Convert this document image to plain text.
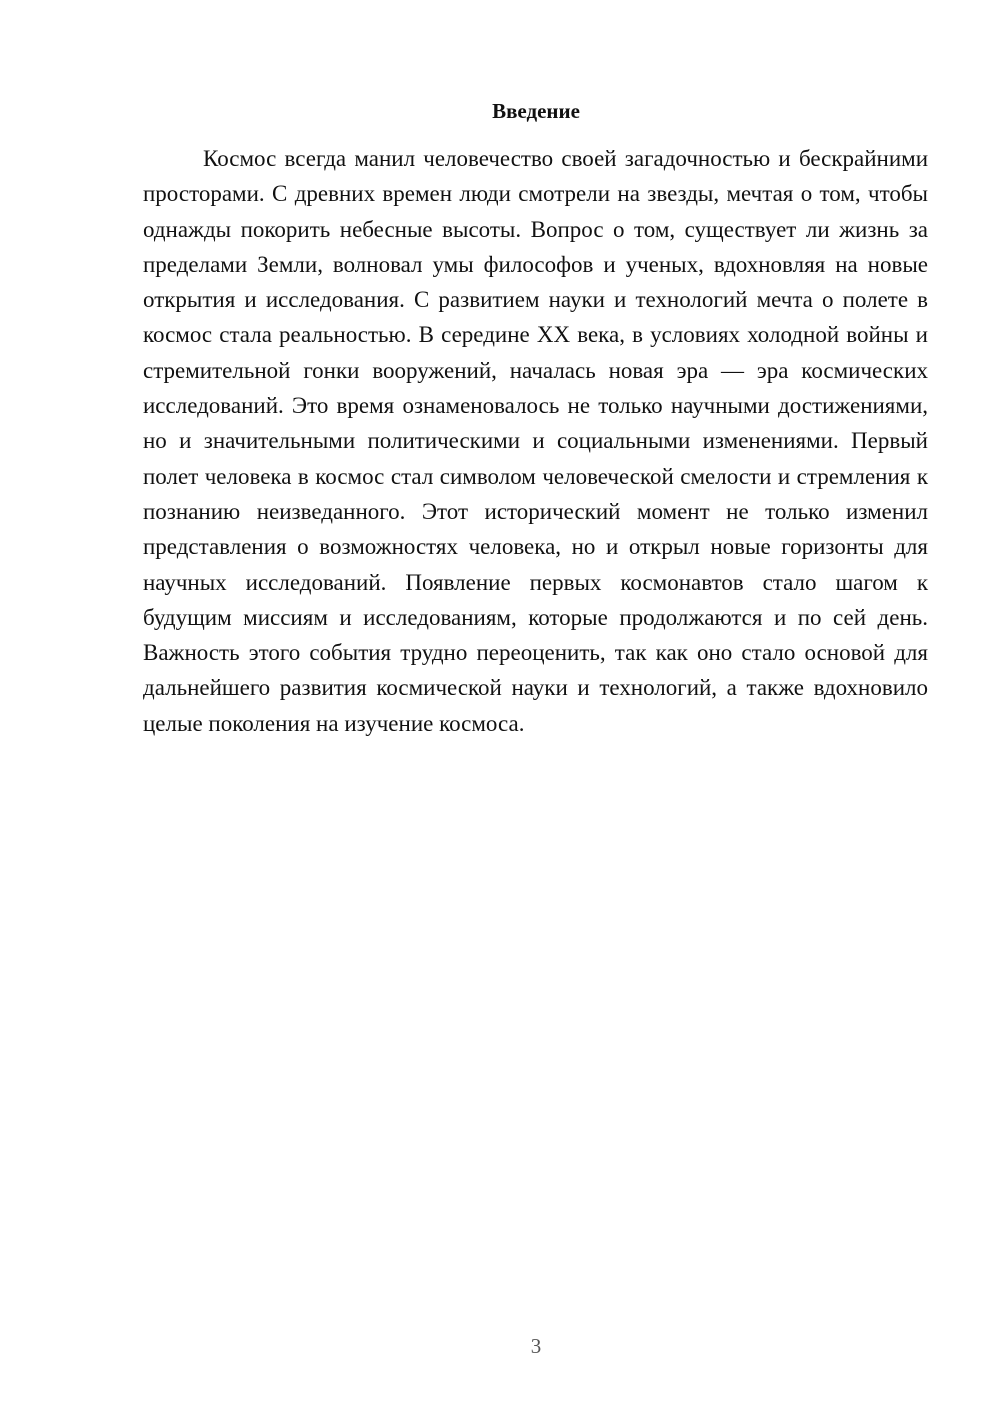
Введение

Космос всегда манил человечество своей загадочностью и бескрайними просторами. С древних времен люди смотрели на звезды, мечтая о том, чтобы однажды покорить небесные высоты. Вопрос о том, существует ли жизнь за пределами Земли, волновал умы философов и ученых, вдохновляя на новые открытия и исследования. С развитием науки и технологий мечта о полете в космос стала реальностью. В середине XX века, в условиях холодной войны и стремительной гонки вооружений, началась новая эра — эра космических исследований. Это время ознаменовалось не только научными достижениями, но и значительными политическими и социальными изменениями. Первый полет человека в космос стал символом человеческой смелости и стремления к познанию неизведанного. Этот исторический момент не только изменил представления о возможностях человека, но и открыл новые горизонты для научных исследований. Появление первых космонавтов стало шагом к будущим миссиям и исследованиям, которые продолжаются и по сей день. Важность этого события трудно переоценить, так как оно стало основой для дальнейшего развития космической науки и технологий, а также вдохновило целые поколения на изучение космоса.

3
